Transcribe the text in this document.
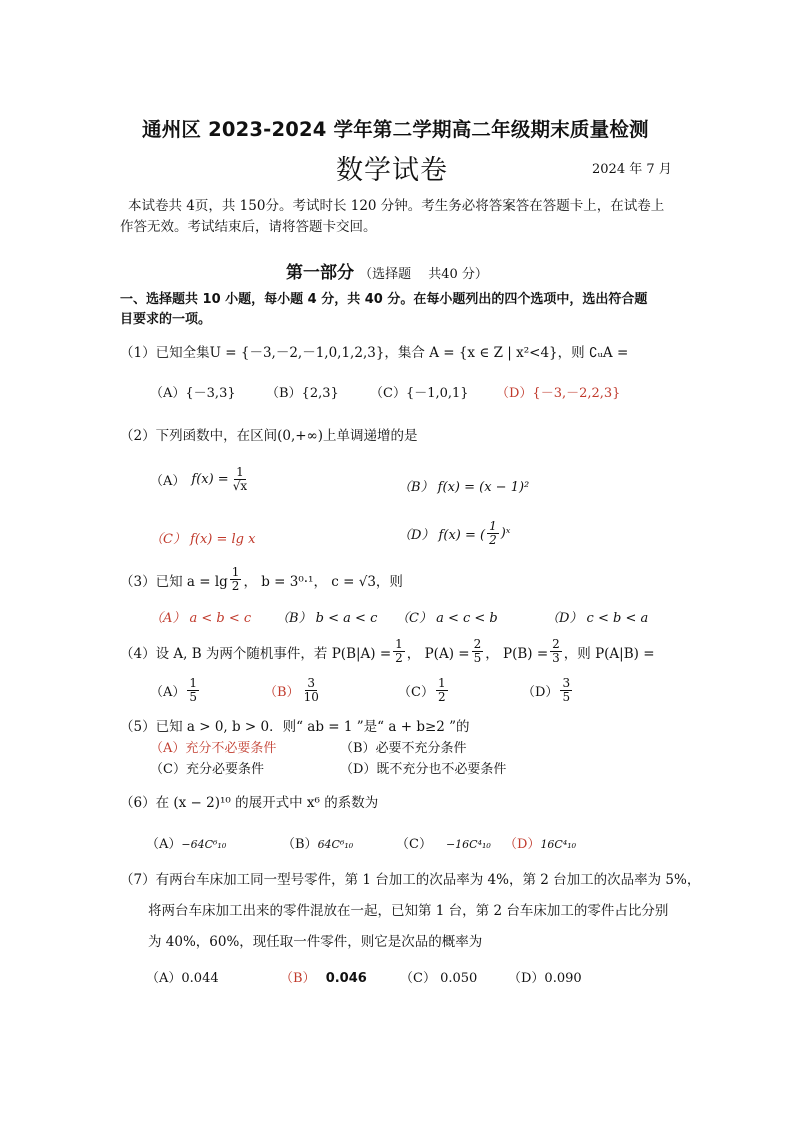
通州区 2023-2024 学年第二学期高二年级期末质量检测
数学试卷	2024 年 7 月
本试卷共 4页，共 150分。考试时长 120 分钟。考生务必将答案答在答题卡上，在试卷上
作答无效。考试结束后，请将答题卡交回。
第一部分 （选择题　 共40 分）
一、选择题共 10 小题，每小题 4 分，共 40 分。在每小题列出的四个选项中，选出符合题
目要求的一项。
（1）已知全集U = {－3,－2,－1,0,1,2,3}，集合 A = {x ∈ Z | x²<4}，则 ∁ᵤA =
（A）{－3,3} （B）{2,3} （C）{－1,0,1} （D）{－3,－2,2,3}
（2）下列函数中，在区间(0,+∞)上单调递增的是
（A） $f(x) = \frac{1}{√x}$	（B） f(x) = (x − 1)²
（C） f(x) = lg x	（D） f(x) = ( $\frac{1}{2}$ )ˣ
（3）已知 $a = \lg \frac{1}{2}$ ， b = 3⁰·¹， c = √3，则
（A） a < b < c （B） b < a < c （C） a < c < b	（D） c < b < a
（4）设 A, B 为两个随机事件，若 $P(B|A) = \frac{1}{2}$ ， $P(A) = \frac{2}{5}$ ， $P(B) = \frac{2}{3}$ ，则 P(A|B) =
$(A) \frac{1}{5}$	$(B) \frac{3}{10}$	$(C) \frac{1}{2}$	$(D) \frac{3}{5}$
（5）已知 a > 0, b > 0．则“ ab = 1 ”是“ a + b≥2 ”的
（A）充分不必要条件	（B）必要不充分条件
（C）充分必要条件	（D）既不充分也不必要条件
（6）在 (x − 2)¹⁰ 的展开式中 x⁶ 的系数为
（A）−64C⁶₁₀	（B）64C⁶₁₀	（C） −16C⁴₁₀ （D）16C⁴₁₀
（7）有两台车床加工同一型号零件，第 1 台加工的次品率为 4%，第 2 台加工的次品率为 5%，
将两台车床加工出来的零件混放在一起，已知第 1 台，第 2 台车床加工的零件占比分别
为 40%，60%，现任取一件零件，则它是次品的概率为
（A）0.044	（B） 0.046	（C） 0.050 （D）0.090
